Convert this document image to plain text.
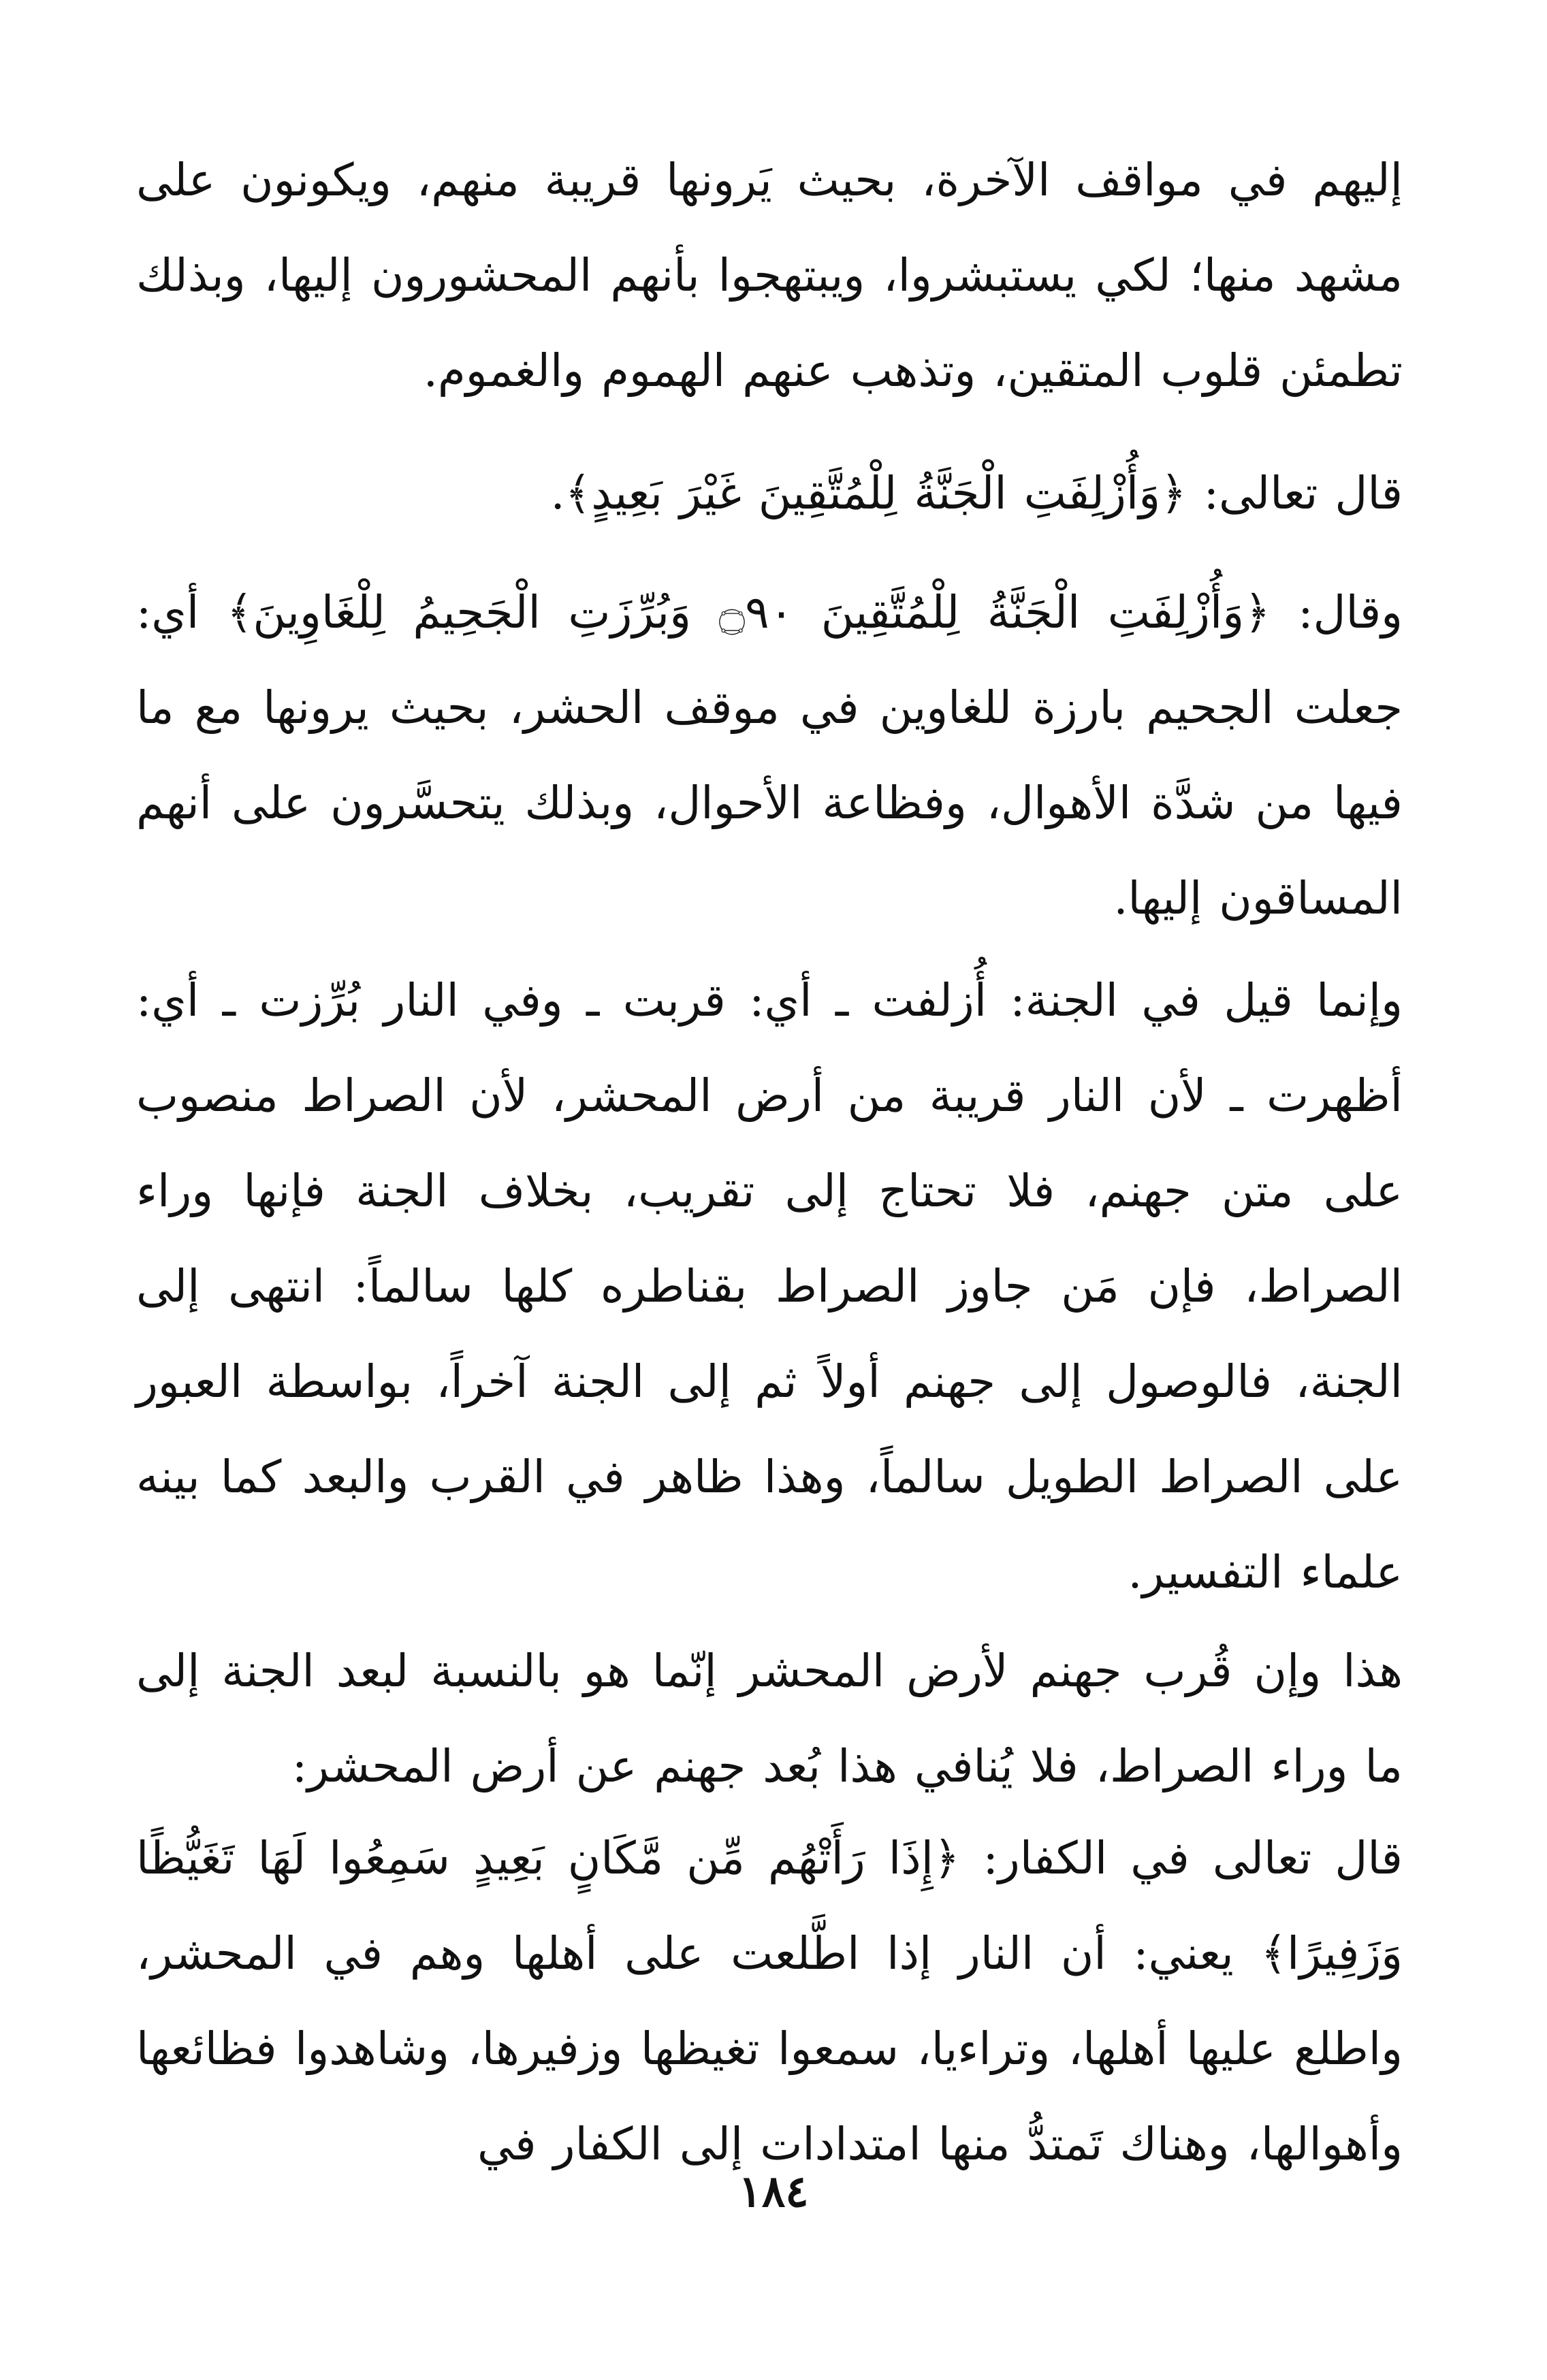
إليهم في مواقف الآخرة، بحيث يَرونها قريبة منهم، ويكونون على مشهد منها؛ لكي يستبشروا، ويبتهجوا بأنهم المحشورون إليها، وبذلك تطمئن قلوب المتقين، وتذهب عنهم الهموم والغموم.

قال تعالى: ﴿وَأُزْلِفَتِ الْجَنَّةُ لِلْمُتَّقِينَ غَيْرَ بَعِيدٍ﴾.

وقال: ﴿وَأُزْلِفَتِ الْجَنَّةُ لِلْمُتَّقِينَ ۝٩٠ وَبُرِّزَتِ الْجَحِيمُ لِلْغَاوِينَ﴾ أي: جعلت الجحيم بارزة للغاوين في موقف الحشر، بحيث يرونها مع ما فيها من شدَّة الأهوال، وفظاعة الأحوال، وبذلك يتحسَّرون على أنهم المساقون إليها.

وإنما قيل في الجنة: أُزلفت ـ أي: قربت ـ وفي النار بُرِّزت ـ أي: أظهرت ـ لأن النار قريبة من أرض المحشر، لأن الصراط منصوب على متن جهنم، فلا تحتاج إلى تقريب، بخلاف الجنة فإنها وراء الصراط، فإن مَن جاوز الصراط بقناطره كلها سالماً: انتهى إلى الجنة، فالوصول إلى جهنم أولاً ثم إلى الجنة آخراً، بواسطة العبور على الصراط الطويل سالماً، وهذا ظاهر في القرب والبعد كما بينه علماء التفسير.

هذا وإن قُرب جهنم لأرض المحشر إنّما هو بالنسبة لبعد الجنة إلى ما وراء الصراط، فلا يُنافي هذا بُعد جهنم عن أرض المحشر:

قال تعالى في الكفار: ﴿إِذَا رَأَتْهُم مِّن مَّكَانٍ بَعِيدٍ سَمِعُوا لَهَا تَغَيُّظًا وَزَفِيرًا﴾ يعني: أن النار إذا اطَّلعت على أهلها وهم في المحشر، واطلع عليها أهلها، وتراءيا، سمعوا تغيظها وزفيرها، وشاهدوا فظائعها وأهوالها، وهناك تَمتدُّ منها امتدادات إلى الكفار في

١٨٤
